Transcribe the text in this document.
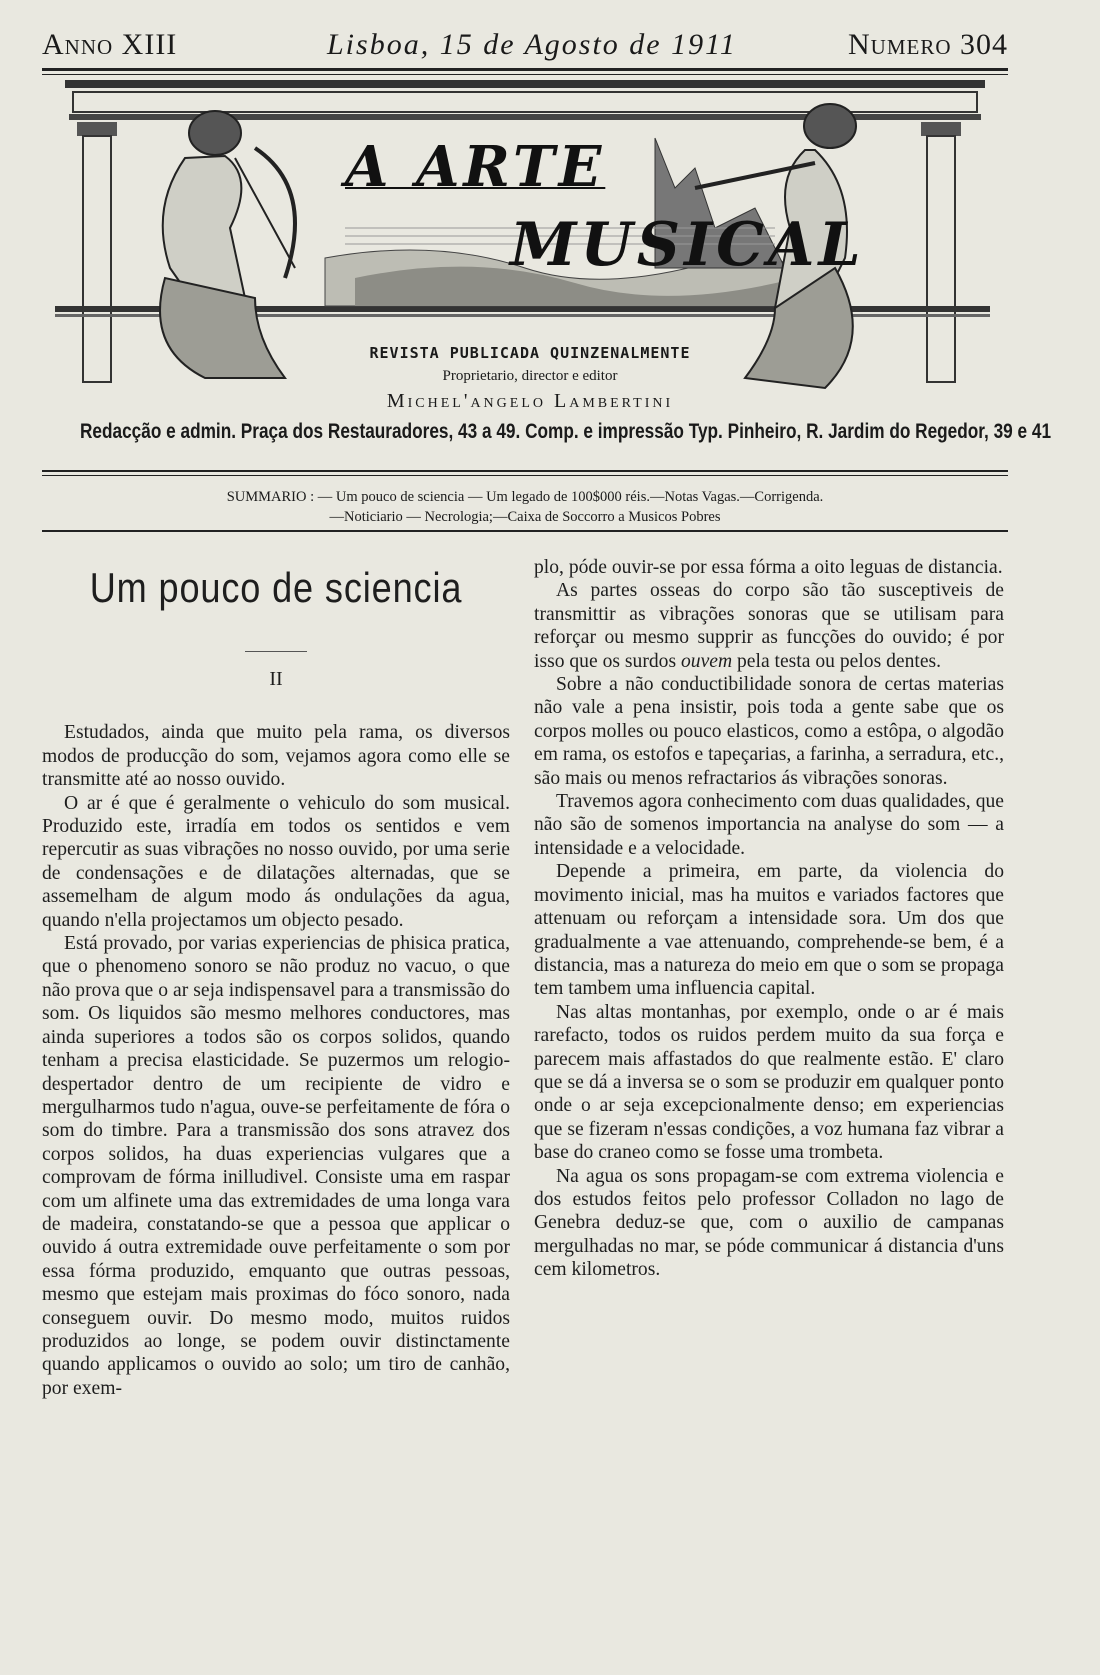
Anno XIII	Lisboa, 15 de Agosto de 1911	Numero 304
A ARTE
MUSICAL
REVISTA PUBLICADA QUINZENALMENTE
Proprietario, director e editor
Michel'angelo Lambertini
Redacção e admin. Praça dos Restauradores, 43 a 49. Comp. e impressão Typ. Pinheiro, R. Jardim do Regedor, 39 e 41
SUMMARIO : — Um pouco de sciencia — Um legado de 100$000 réis.—Notas Vagas.—Corrigenda.
—Noticiario — Necrologia;—Caixa de Soccorro a Musicos Pobres
Um pouco de sciencia
II

Estudados, ainda que muito pela rama, os diversos modos de producção do som, vejamos agora como elle se transmitte até ao nosso ouvido.

O ar é que é geralmente o vehiculo do som musical. Produzido este, irradía em todos os sentidos e vem repercutir as suas vibrações no nosso ouvido, por uma serie de condensações e de dilatações alternadas, que se assemelham de algum modo ás ondulações da agua, quando n'ella projectamos um objecto pesado.

Está provado, por varias experiencias de phisica pratica, que o phenomeno sonoro se não produz no vacuo, o que não prova que o ar seja indispensavel para a transmissão do som. Os liquidos são mesmo melhores conductores, mas ainda superiores a todos são os corpos solidos, quando tenham a precisa elasticidade. Se puzermos um relogio-despertador dentro de um recipiente de vidro e mergulharmos tudo n'agua, ouve-se perfeitamente de fóra o som do timbre. Para a transmissão dos sons atravez dos corpos solidos, ha duas experiencias vulgares que a comprovam de fórma inilludivel. Consiste uma em raspar com um alfinete uma das extremidades de uma longa vara de madeira, constatando-se que a pessoa que applicar o ouvido á outra extremidade ouve perfeitamente o som por essa fórma produzido, emquanto que outras pessoas, mesmo que estejam mais proximas do fóco sonoro, nada conseguem ouvir. Do mesmo modo, muitos ruidos produzidos ao longe, se podem ouvir distinctamente quando applicamos o ouvido ao solo; um tiro de canhão, por exem-

plo, póde ouvir-se por essa fórma a oito leguas de distancia.

As partes osseas do corpo são tão susceptiveis de transmittir as vibrações sonoras que se utilisam para reforçar ou mesmo supprir as funcções do ouvido; é por isso que os surdos ouvem pela testa ou pelos dentes.

Sobre a não conductibilidade sonora de certas materias não vale a pena insistir, pois toda a gente sabe que os corpos molles ou pouco elasticos, como a estôpa, o algodão em rama, os estofos e tapeçarias, a farinha, a serradura, etc., são mais ou menos refractarios ás vibrações sonoras.

Travemos agora conhecimento com duas qualidades, que não são de somenos importancia na analyse do som — a intensidade e a velocidade.

Depende a primeira, em parte, da violencia do movimento inicial, mas ha muitos e variados factores que attenuam ou reforçam a intensidade sora. Um dos que gradualmente a vae attenuando, comprehende-se bem, é a distancia, mas a natureza do meio em que o som se propaga tem tambem uma influencia capital.

Nas altas montanhas, por exemplo, onde o ar é mais rarefacto, todos os ruidos perdem muito da sua força e parecem mais affastados do que realmente estão. E' claro que se dá a inversa se o som se produzir em qualquer ponto onde o ar seja excepcionalmente denso; em experiencias que se fizeram n'essas condições, a voz humana faz vibrar a base do craneo como se fosse uma trombeta.

Na agua os sons propagam-se com extrema violencia e dos estudos feitos pelo professor Colladon no lago de Genebra deduz-se que, com o auxilio de campanas mergulhadas no mar, se póde communicar á distancia d'uns cem kilometros.
